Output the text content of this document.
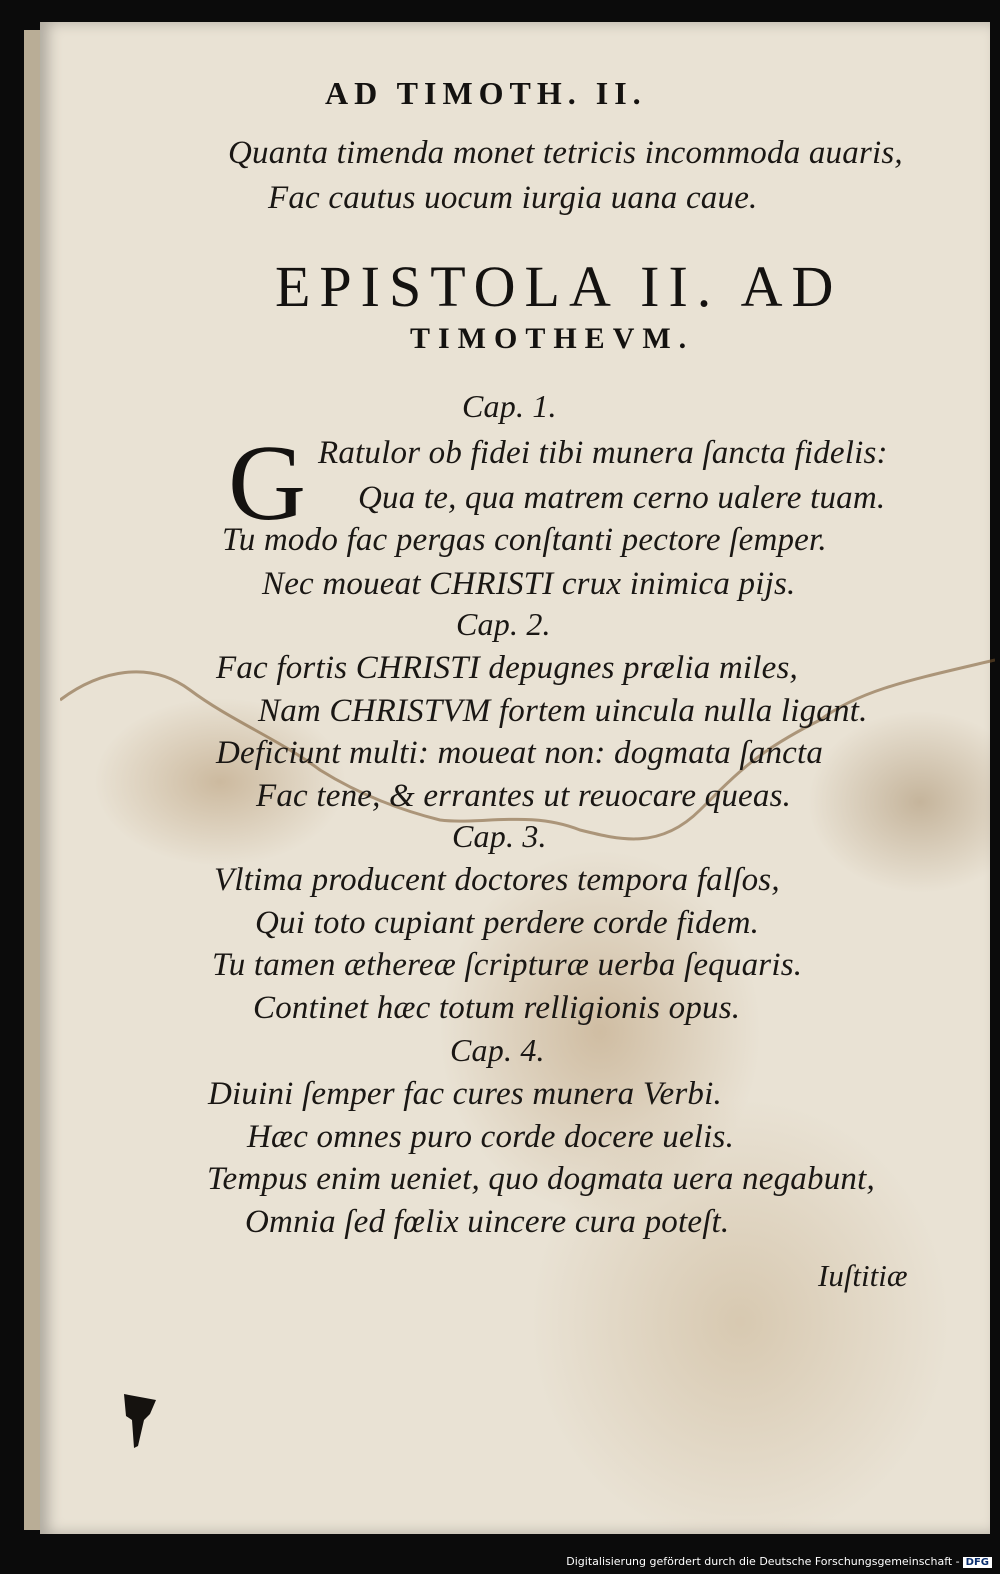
AD TIMOTH. II.
Quanta timenda monet tetricis incommoda auaris,
Fac cautus uocum iurgia uana caue.
EPISTOLA II. AD
TIMOTHEVM.
Cap. 1.
G Ratulor ob fidei tibi munera ſancta fidelis:
Qua te, qua matrem cerno ualere tuam.
Tu modo fac pergas conſtanti pectore ſemper.
Nec moueat CHRISTI crux inimica pijs.
Cap. 2.
Fac fortis CHRISTI depugnes prælia miles,
Nam CHRISTVM fortem uincula nulla ligant.
Deficiunt multi: moueat non: dogmata ſancta
Fac tene, & errantes ut reuocare queas.
Cap. 3.
Vltima producent doctores tempora falſos,
Qui toto cupiant perdere corde fidem.
Tu tamen æthereæ ſcripturæ uerba ſequaris.
Continet hæc totum relligionis opus.
Cap. 4.
Diuini ſemper fac cures munera Verbi.
Hæc omnes puro corde docere uelis.
Tempus enim ueniet, quo dogmata uera negabunt,
Omnia ſed fœlix uincere cura poteſt.
Iuſtitiæ
Digitalisierung gefördert durch die Deutsche Forschungsgemeinschaft - DFG
